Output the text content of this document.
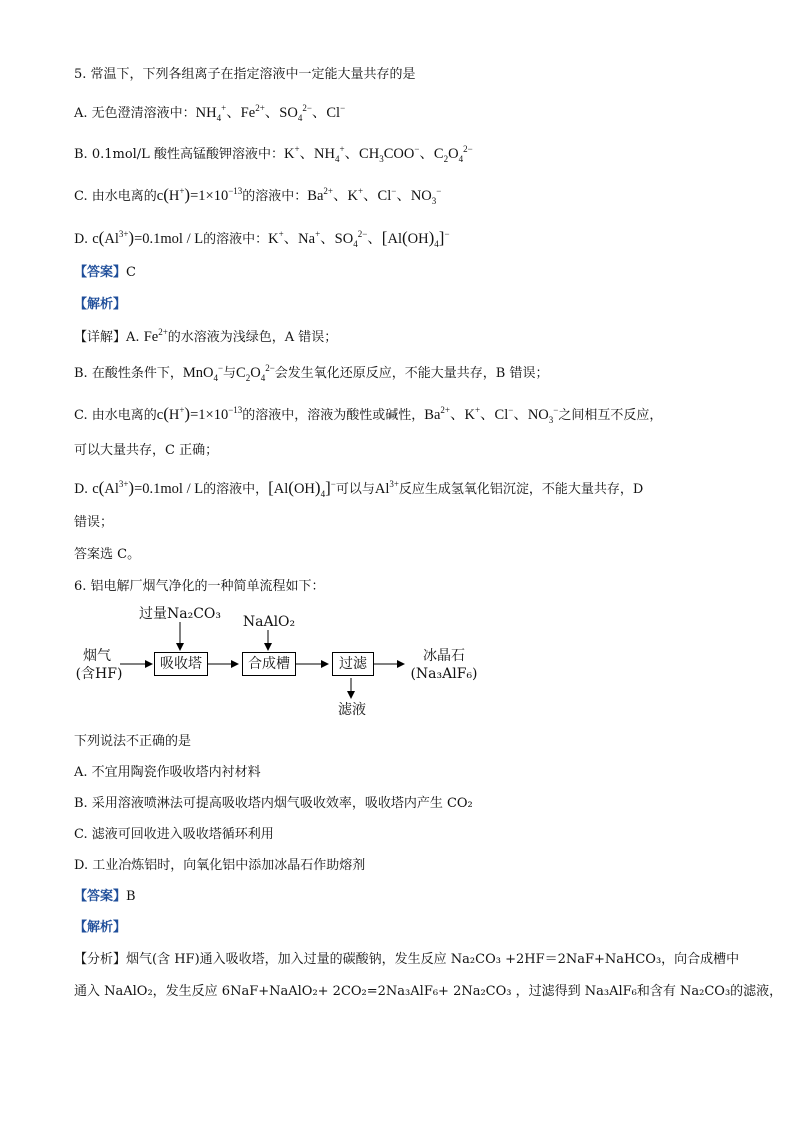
5. 常温下，下列各组离子在指定溶液中一定能大量共存的是
A. 无色澄清溶液中：$NH_4^+$、$Fe^{2+}$、$SO_4^{2-}$、Cl−
B. 0.1mol/L 酸性高锰酸钾溶液中：K+、$NH_4^+$、$CH_3COO^-$、$C_2O_4^{2-}$
C. 由水电离的$c(H^+)=1\times 10^{-13}$的溶液中：$Ba^{2+}$、K+、Cl−、$NO_3^-$
D. $c(Al^{3+})=0.1mol / L$的溶液中：K+、Na+、$SO_4^{2-}$、$[Al(OH)_4]^-$
【答案】C
【解析】
【详解】A. $Fe^{2+}$的水溶液为浅绿色，A 错误；
B. 在酸性条件下，MnO$_4$−与$C_2O_4^{2-}$会发生氧化还原反应，不能大量共存，B 错误；
C. 由水电离的$c(H^+)=1\times 10^{-13}$的溶液中，溶液为酸性或碱性，$Ba^{2+}$、K+、Cl−、$NO_3^-$之间相互不反应，
可以大量共存，C 正确；
D. $c(Al^{3+})=0.1mol / L$的溶液中，$[Al(OH)_4]^-$可以与$Al^{3+}$反应生成氢氧化铝沉淀，不能大量共存，D
错误；
答案选 C。
6. 铝电解厂烟气净化的一种简单流程如下：
烟气
(含HF)
过量Na₂CO₃	NaAlO₂
吸收塔	合成槽	过滤	冰晶石
(Na₃AlF₆)
滤液
下列说法不正确的是
A. 不宜用陶瓷作吸收塔内衬材料
B. 采用溶液喷淋法可提高吸收塔内烟气吸收效率，吸收塔内产生 CO₂
C. 滤液可回收进入吸收塔循环利用
D. 工业冶炼铝时，向氧化铝中添加冰晶石作助熔剂
【答案】B
【解析】
【分析】烟气(含 HF)通入吸收塔，加入过量的碳酸钠，发生反应 Na₂CO₃ +2HF＝2NaF+NaHCO₃，向合成槽中
通入 NaAlO₂，发生反应 6NaF+NaAlO₂+ 2CO₂=2Na₃AlF₆+ 2Na₂CO₃ ，过滤得到 Na₃AlF₆和含有 Na₂CO₃的滤液，
